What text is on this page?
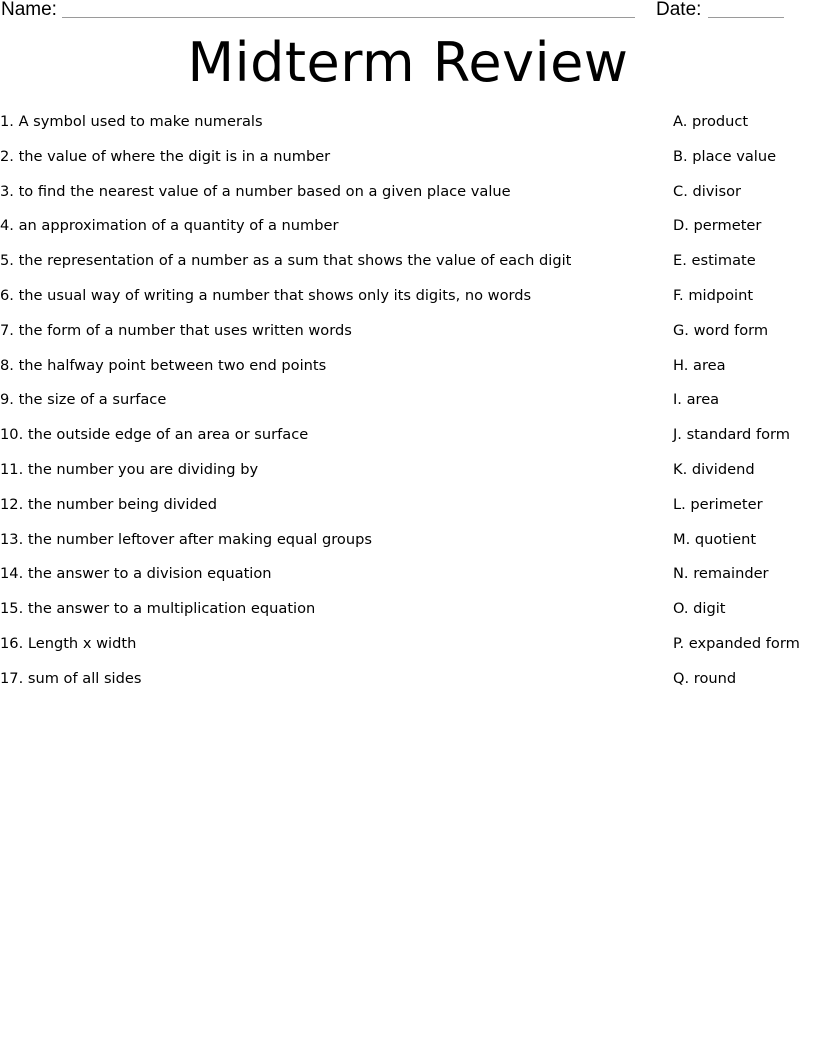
Name:	Date:
Midterm Review
1. A symbol used to make numerals
2. the value of where the digit is in a number
3. to find the nearest value of a number based on a given place value
4. an approximation of a quantity of a number
5. the representation of a number as a sum that shows the value of each digit
6. the usual way of writing a number that shows only its digits, no words
7. the form of a number that uses written words
8. the halfway point between two end points
9. the size of a surface
10. the outside edge of an area or surface
11. the number you are dividing by
12. the number being divided
13. the number leftover after making equal groups
14. the answer to a division equation
15. the answer to a multiplication equation
16. Length x width
17. sum of all sides
A. product
B. place value
C. divisor
D. permeter
E. estimate
F. midpoint
G. word form
H. area
I. area
J. standard form
K. dividend
L. perimeter
M. quotient
N. remainder
O. digit
P. expanded form
Q. round
